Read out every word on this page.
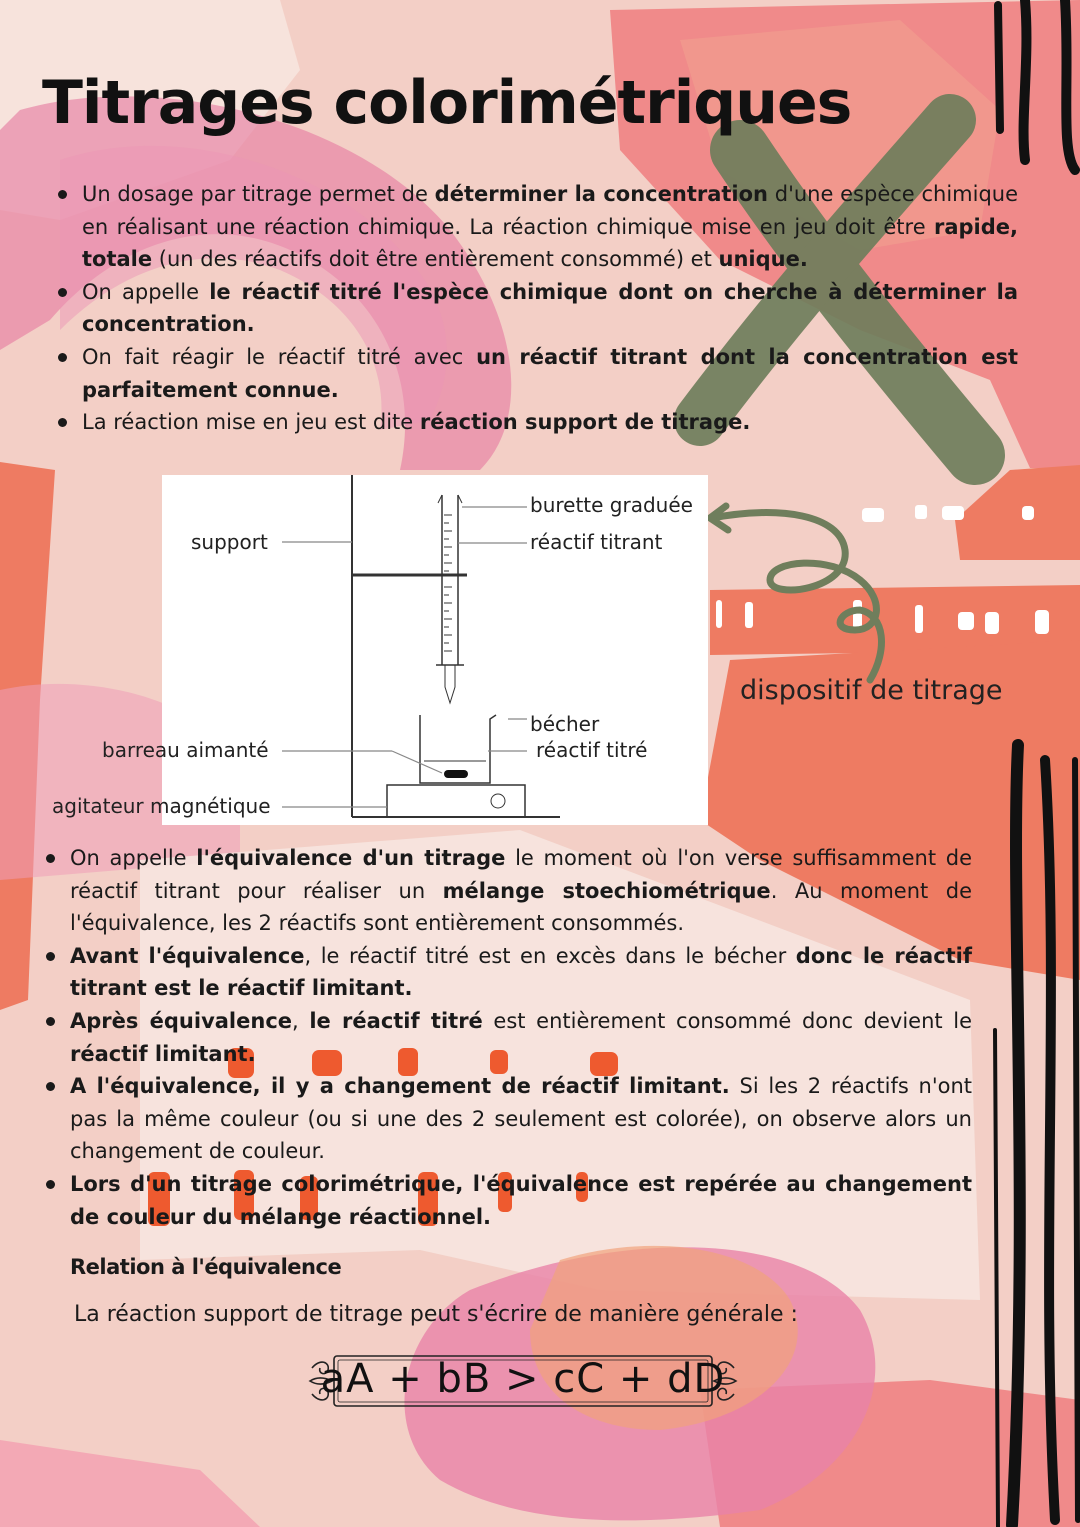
Titrages colorimétriques
Un dosage par titrage permet de déterminer la concentration d'une espèce chimique en réalisant une réaction chimique. La réaction chimique mise en jeu doit être rapide, totale (un des réactifs doit être entièrement consommé) et unique.
On appelle le réactif titré l'espèce chimique dont on cherche à déterminer la concentration.
On fait réagir le réactif titré avec un réactif titrant dont la concentration est parfaitement connue.
La réaction mise en jeu est dite réaction support de titrage.
support
burette graduée
réactif titrant
bécher
réactif titré
barreau aimanté
agitateur magnétique
dispositif de titrage
On appelle l'équivalence d'un titrage le moment où l'on verse suffisamment de réactif titrant pour réaliser un mélange stoechiométrique. Au moment de l'équivalence, les 2 réactifs sont entièrement consommés.
Avant l'équivalence, le réactif titré est en excès dans le bécher donc le réactif titrant est le réactif limitant.
Après équivalence, le réactif titré est entièrement consommé donc devient le réactif limitant.
A l'équivalence, il y a changement de réactif limitant. Si les 2 réactifs n'ont pas la même couleur (ou si une des 2 seulement est colorée), on observe alors un changement de couleur.
Lors d'un titrage colorimétrique, l'équivalence est repérée au changement de couleur du mélange réactionnel.
Relation à l'équivalence
La réaction support de titrage peut s'écrire de manière générale :
aA + bB > cC + dD
